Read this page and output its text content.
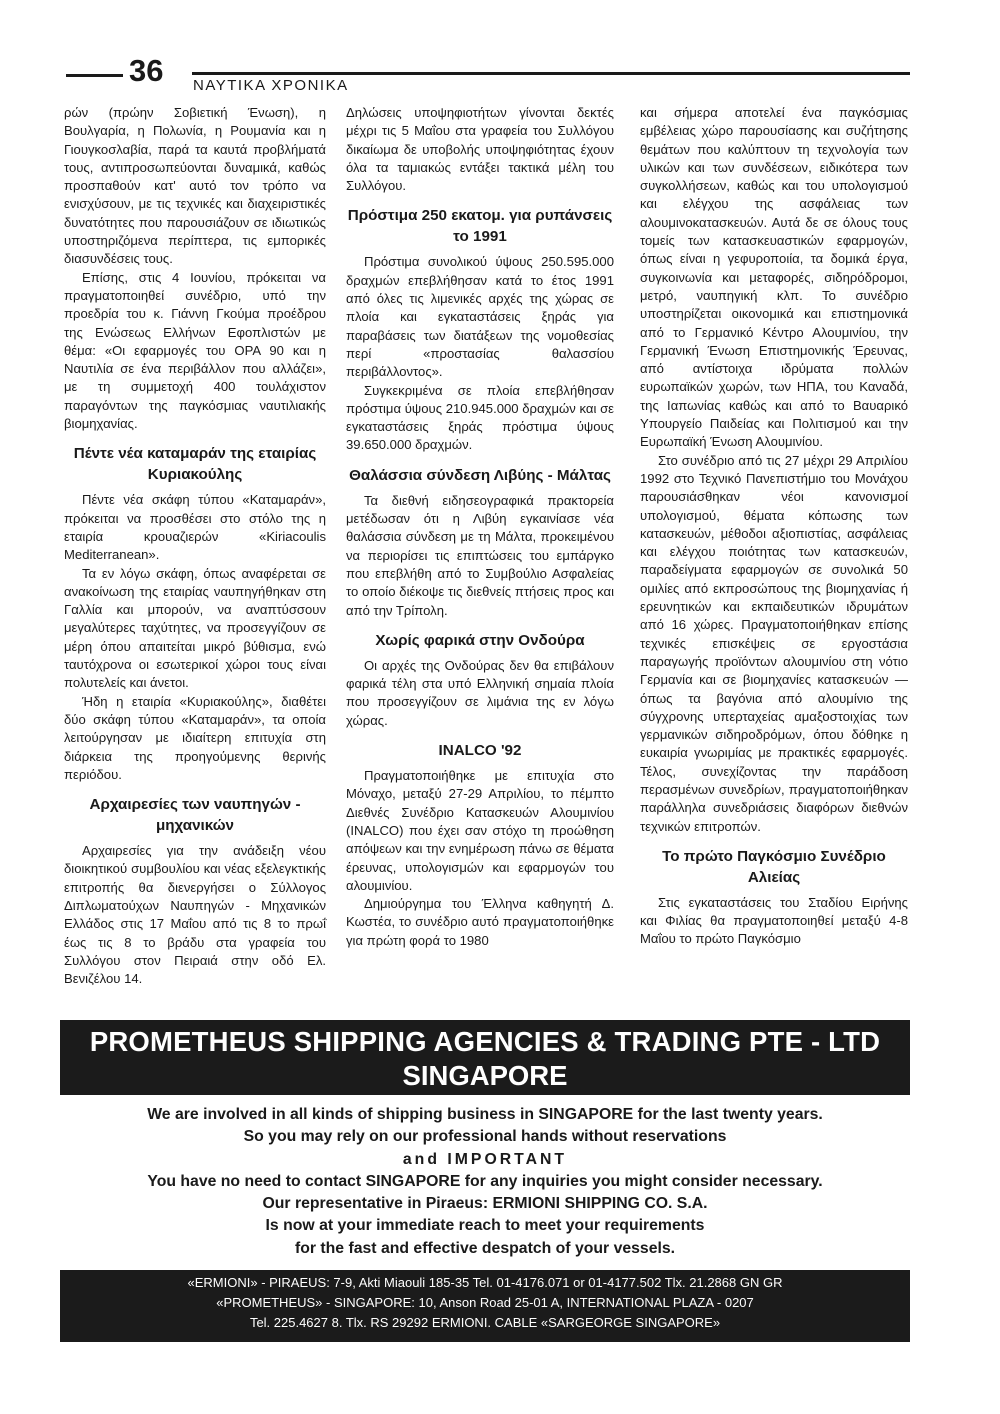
36 ΝΑΥΤΙΚΑ ΧΡΟΝΙΚΑ

ρών (πρώην Σοβιετική Ένωση), η Βουλγαρία, η Πολωνία, η Ρουμανία και η Γιουγκοσλαβία, παρά τα καυτά προβλήματά τους, αντιπροσωπεύονται δυναμικά, καθώς προσπαθούν κατ' αυτό τον τρόπο να ενισχύσουν, με τις τεχνικές και διαχειριστικές δυνατότητες που παρουσιάζουν σε ιδιωτικώς υποστηριζόμενα περίπτερα, τις εμπορικές διασυνδέσεις τους.

Επίσης, στις 4 Ιουνίου, πρόκειται να πραγματοποιηθεί συνέδριο, υπό την προεδρία του κ. Γιάννη Γκούμα προέδρου της Ενώσεως Ελλήνων Εφοπλιστών με θέμα: «Οι εφαρμογές του OPA 90 και η Ναυτιλία σε ένα περιβάλλον που αλλάζει», με τη συμμετοχή 400 τουλάχιστον παραγόντων της παγκόσμιας ναυτιλιακής βιομηχανίας.

Πέντε νέα καταμαράν της εταιρίας Κυριακούλης

Πέντε νέα σκάφη τύπου «Καταμαράν», πρόκειται να προσθέσει στο στόλο της η εταιρία κρουαζιερών «Kiriacoulis Mediterranean».

Τα εν λόγω σκάφη, όπως αναφέρεται σε ανακοίνωση της εταιρίας ναυπηγήθηκαν στη Γαλλία και μπορούν, να αναπτύσσουν μεγαλύτερες ταχύτητες, να προσεγγίζουν σε μέρη όπου απαιτείται μικρό βύθισμα, ενώ ταυτόχρονα οι εσωτερικοί χώροι τους είναι πολυτελείς και άνετοι.

Ήδη η εταιρία «Κυριακούλης», διαθέτει δύο σκάφη τύπου «Καταμαράν», τα οποία λειτούργησαν με ιδιαίτερη επιτυχία στη διάρκεια της προηγούμενης θερινής περιόδου.

Αρχαιρεσίες των ναυπηγών - μηχανικών

Αρχαιρεσίες για την ανάδειξη νέου διοικητικού συμβουλίου και νέας εξελεγκτικής επιτροπής θα διενεργήσει ο Σύλλογος Διπλωματούχων Ναυπηγών - Μηχανικών Ελλάδος στις 17 Μαΐου από τις 8 το πρωΐ έως τις 8 το βράδυ στα γραφεία του Συλλόγου στον Πειραιά στην οδό Ελ. Βενιζέλου 14.

Δηλώσεις υποψηφιοτήτων γίνονται δεκτές μέχρι τις 5 Μαΐου στα γραφεία του Συλλόγου δικαίωμα δε υποβολής υποψηφιότητας έχουν όλα τα ταμιακώς εντάξει τακτικά μέλη του Συλλόγου.

Πρόστιμα 250 εκατομ. για ρυπάνσεις το 1991

Πρόστιμα συνολικού ύψους 250.595.000 δραχμών επεβλήθησαν κατά το έτος 1991 από όλες τις λιμενικές αρχές της χώρας σε πλοία και εγκαταστάσεις ξηράς για παραβάσεις των διατάξεων της νομοθεσίας περί «προστασίας θαλασσίου περιβάλλοντος».

Συγκεκριμένα σε πλοία επεβλήθησαν πρόστιμα ύψους 210.945.000 δραχμών και σε εγκαταστάσεις ξηράς πρόστιμα ύψους 39.650.000 δραχμών.

Θαλάσσια σύνδεση Λιβύης - Μάλτας

Τα διεθνή ειδησεογραφικά πρακτορεία μετέδωσαν ότι η Λιβύη εγκαινίασε νέα θαλάσσια σύνδεση με τη Μάλτα, προκειμένου να περιορίσει τις επιπτώσεις του εμπάργκο που επεβλήθη από το Συμβούλιο Ασφαλείας το οποίο διέκοψε τις διεθνείς πτήσεις προς και από την Τρίπολη.

Χωρίς φαρικά στην Ονδούρα

Οι αρχές της Ονδούρας δεν θα επιβάλουν φαρικά τέλη στα υπό Ελληνική σημαία πλοία που προσεγγίζουν σε λιμάνια της εν λόγω χώρας.

INALCO '92

Πραγματοποιήθηκε με επιτυχία στο Μόναχο, μεταξύ 27-29 Απριλίου, το πέμπτο Διεθνές Συνέδριο Κατασκευών Αλουμινίου (INALCO) που έχει σαν στόχο τη προώθηση απόψεων και την ενημέρωση πάνω σε θέματα έρευνας, υπολογισμών και εφαρμογών του αλουμινίου.

Δημιούργημα του Έλληνα καθηγητή Δ. Κωστέα, το συνέδριο αυτό πραγματοποιήθηκε για πρώτη φορά το 1980

και σήμερα αποτελεί ένα παγκόσμιας εμβέλειας χώρο παρουσίασης και συζήτησης θεμάτων που καλύπτουν τη τεχνολογία των υλικών και των συνδέσεων, ειδικότερα των συγκολλήσεων, καθώς και του υπολογισμού και ελέγχου της ασφάλειας των αλουμινοκατασκευών. Αυτά δε σε όλους τους τομείς των κατασκευαστικών εφαρμογών, όπως είναι η γεφυροποιία, τα δομικά έργα, συγκοινωνία και μεταφορές, σιδηρόδρομοι, μετρό, ναυπηγική κλπ. Το συνέδριο υποστηρίζεται οικονομικά και επιστημονικά από το Γερμανικό Κέντρο Αλουμινίου, την Γερμανική Ένωση Επιστημονικής Έρευνας, από αντίστοιχα ιδρύματα πολλών ευρωπαϊκών χωρών, των ΗΠΑ, του Καναδά, της Ιαπωνίας καθώς και από το Βαυαρικό Υπουργείο Παιδείας και Πολιτισμού και την Ευρωπαϊκή Ένωση Αλουμινίου.

Στο συνέδριο από τις 27 μέχρι 29 Απριλίου 1992 στο Τεχνικό Πανεπιστήμιο του Μονάχου παρουσιάσθηκαν νέοι κανονισμοί υπολογισμού, θέματα κόπωσης των κατασκευών, μέθοδοι αξιοπιστίας, ασφάλειας και ελέγχου ποιότητας των κατασκευών, παραδείγματα εφαρμογών σε συνολικά 50 ομιλίες από εκπροσώπους της βιομηχανίας ή ερευνητικών και εκπαιδευτικών ιδρυμάτων από 16 χώρες. Πραγματοποιήθηκαν επίσης τεχνικές επισκέψεις σε εργοστάσια παραγωγής προϊόντων αλουμινίου στη νότιο Γερμανία και σε βιομηχανίες κατασκευών — όπως τα βαγόνια από αλουμίνιο της σύγχρονης υπερταχείας αμαξοστοιχίας των γερμανικών σιδηροδρόμων, όπου δόθηκε η ευκαιρία γνωριμίας με πρακτικές εφαρμογές. Τέλος, συνεχίζοντας την παράδοση περασμένων συνεδρίων, πραγματοποιήθηκαν παράλληλα συνεδριάσεις διαφόρων διεθνών τεχνικών επιτροπών.

Το πρώτο Παγκόσμιο Συνέδριο Αλιείας

Στις εγκαταστάσεις του Σταδίου Ειρήνης και Φιλίας θα πραγματοποιηθεί μεταξύ 4-8 Μαΐου το πρώτο Παγκόσμιο

PROMETHEUS SHIPPING AGENCIES & TRADING PTE - LTD
SINGAPORE
We are involved in all kinds of shipping business in SINGAPORE for the last twenty years.
So you may rely on our professional hands without reservations
and IMPORTANT
You have no need to contact SINGAPORE for any inquiries you might consider necessary.
Our representative in Piraeus: ERMIONI SHIPPING CO. S.A.
Is now at your immediate reach to meet your requirements
for the fast and effective despatch of your vessels.
«ERMIONI» - PIRAEUS: 7-9, Akti Miaouli 185-35 Tel. 01-4176.071 or 01-4177.502 Tlx. 21.2868 GN GR
«PROMETHEUS» - SINGAPORE: 10, Anson Road 25-01 A, INTERNATIONAL PLAZA - 0207
Tel. 225.4627 8. Tlx. RS 29292 ERMIONI. CABLE «SARGEORGE SINGAPORE»
